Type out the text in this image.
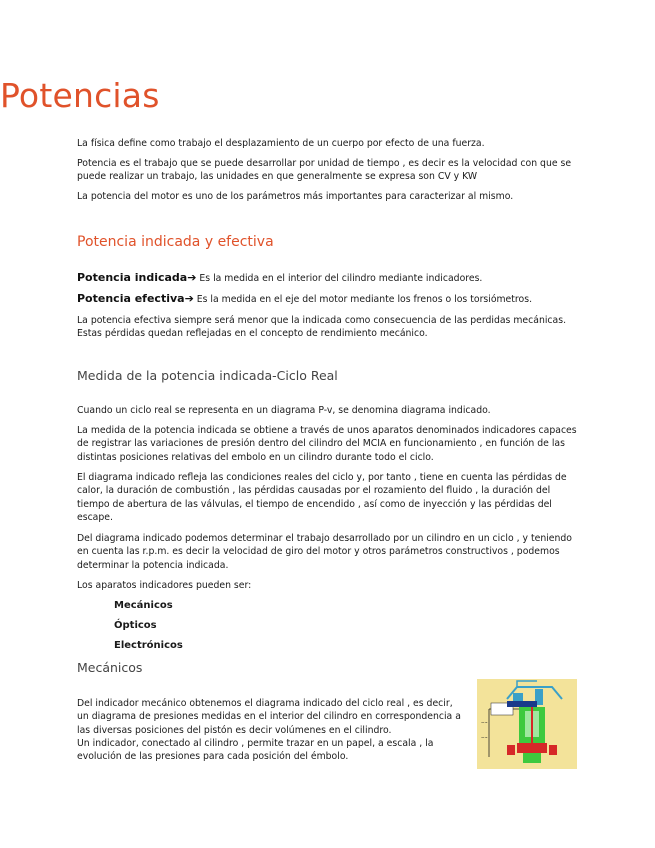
Potencias

La física define como trabajo el desplazamiento de un cuerpo por efecto de una fuerza.

Potencia es el trabajo que se puede desarrollar por unidad de tiempo , es decir es la velocidad con que se puede realizar un trabajo, las unidades en que generalmente se expresa son CV y KW

La potencia del motor es uno de los parámetros más importantes para caracterizar al mismo.

Potencia indicada y efectiva
Potencia indicada➔ Es la medida en el interior del cilindro mediante indicadores.
Potencia efectiva➔ Es la medida en el eje del motor mediante los frenos o los torsiómetros.

La potencia efectiva siempre será menor que la indicada como consecuencia de las perdidas mecánicas. Estas pérdidas quedan reflejadas en el concepto de rendimiento mecánico.

Medida de la potencia indicada-Ciclo Real

Cuando un ciclo real se representa en un diagrama P-v, se denomina diagrama indicado.

La medida de la potencia indicada se obtiene a través de unos aparatos denominados indicadores capaces de registrar las variaciones de presión dentro del cilindro del MCIA en funcionamiento , en función de las distintas posiciones relativas del embolo en un cilindro durante todo el ciclo.

El diagrama indicado refleja las condiciones reales del ciclo y, por tanto , tiene en cuenta las pérdidas de calor, la duración de combustión , las pérdidas causadas por el rozamiento del fluido , la duración del tiempo de abertura de las válvulas, el tiempo de encendido , así como de inyección y las pérdidas del escape.

Del diagrama indicado podemos determinar el trabajo desarrollado por un cilindro en un ciclo , y teniendo en cuenta las r.p.m. es decir la velocidad de giro del motor y otros parámetros constructivos , podemos determinar la potencia indicada.

Los aparatos indicadores pueden ser:

Mecánicos
Ópticos
Electrónicos
Mecánicos

Del indicador mecánico obtenemos el diagrama indicado del ciclo real , es decir, un diagrama de presiones medidas en el interior del cilindro en correspondencia a las diversas posiciones del pistón es decir volúmenes en el cilindro.

Un indicador, conectado al cilindro , permite trazar en un papel, a escala , la evolución de las presiones para cada posición del émbolo.

~~
~~
